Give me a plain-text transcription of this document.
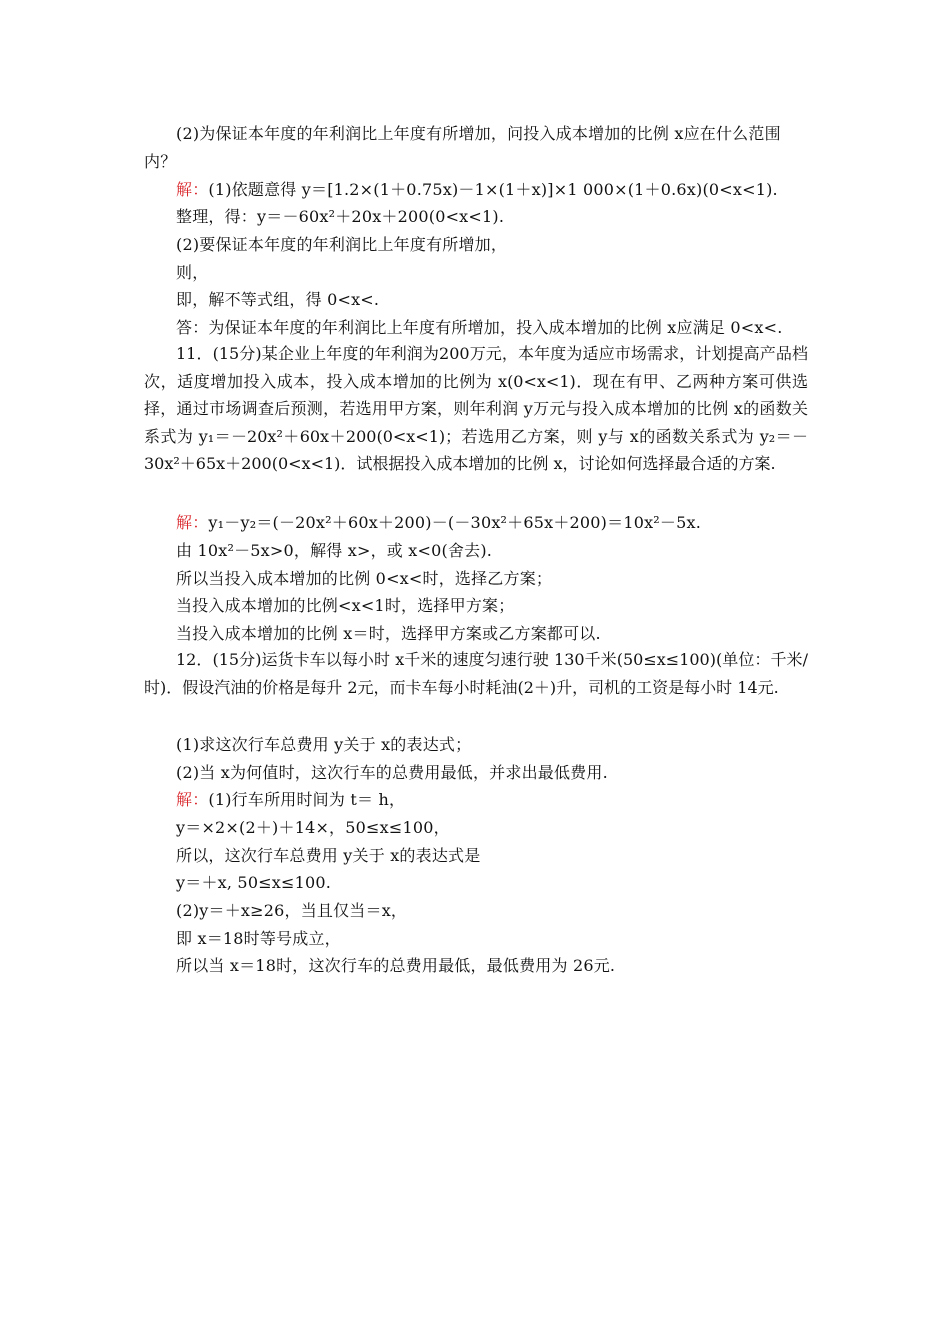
(2)为保证本年度的年利润比上年度有所增加，问投入成本增加的比例 x应在什么范围
内？
解：(1)依题意得 y＝[1.2×(1＋0.75x)－1×(1＋x)]×1 000×(1＋0.6x)(0<x<1).
整理，得：y＝－60x²＋20x＋200(0<x<1).
(2)要保证本年度的年利润比上年度有所增加，
则，
即，解不等式组，得 0<x<.
答：为保证本年度的年利润比上年度有所增加，投入成本增加的比例 x应满足 0<x<.
11．(15分)某企业上年度的年利润为200万元，本年度为适应市场需求，计划提高产品档次，适度增加投入成本，投入成本增加的比例为 x(0<x<1)．现在有甲、乙两种方案可供选择，通过市场调查后预测，若选用甲方案，则年利润 y万元与投入成本增加的比例 x的函数关系式为 y₁＝－20x²＋60x＋200(0<x<1)；若选用乙方案，则 y与 x的函数关系式为 y₂＝－30x²＋65x＋200(0<x<1)．试根据投入成本增加的比例 x，讨论如何选择最合适的方案.
解：y₁－y₂＝(－20x²＋60x＋200)－(－30x²＋65x＋200)＝10x²－5x.
由 10x²－5x>0，解得 x>，或 x<0(舍去).
所以当投入成本增加的比例 0<x<时，选择乙方案；
当投入成本增加的比例<x<1时，选择甲方案；
当投入成本增加的比例 x＝时，选择甲方案或乙方案都可以.
12．(15分)运货卡车以每小时 x千米的速度匀速行驶 130千米(50≤x≤100)(单位：千米/时)．假设汽油的价格是每升 2元，而卡车每小时耗油(2＋)升，司机的工资是每小时 14元.
(1)求这次行车总费用 y关于 x的表达式；
(2)当 x为何值时，这次行车的总费用最低，并求出最低费用.
解：(1)行车所用时间为 t＝ h，
y＝×2×(2＋)＋14×，50≤x≤100，
所以，这次行车总费用 y关于 x的表达式是
y＝＋x, 50≤x≤100.
(2)y＝＋x≥26，当且仅当＝x，
即 x＝18时等号成立，
所以当 x＝18时，这次行车的总费用最低，最低费用为 26元.
